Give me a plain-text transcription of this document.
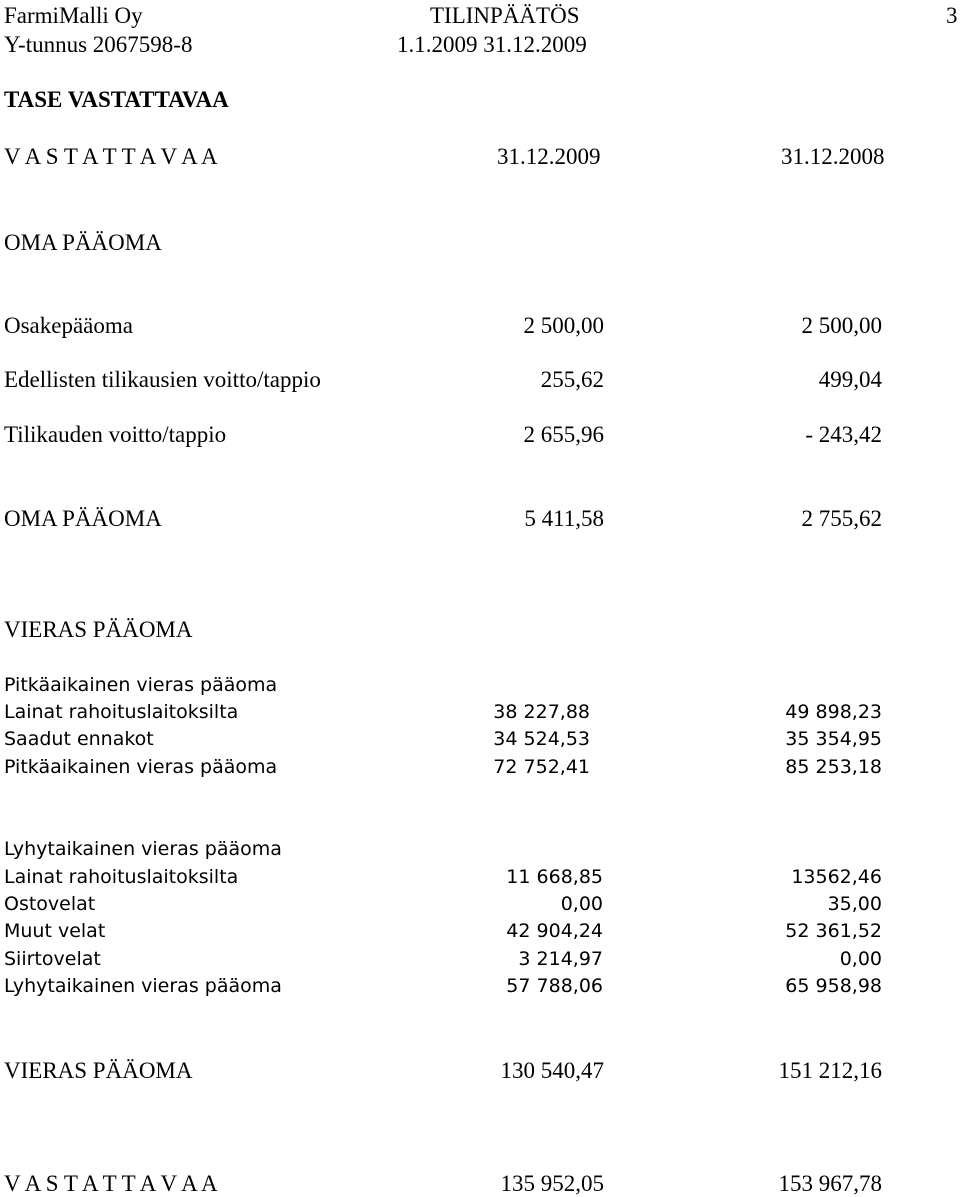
FarmiMalli Oy
Y-tunnus 2067598-8
TILINPÄÄTÖS
1.1.2009 31.12.2009
3
TASE VASTATTAVAA
V A S T A T T A V A A	31.12.2009	31.12.2008
OMA PÄÄOMA
Osakepääoma	2 500,00	2 500,00
Edellisten tilikausien voitto/tappio	255,62	499,04
Tilikauden voitto/tappio	2 655,96	- 243,42
OMA PÄÄOMA	5 411,58	2 755,62
VIERAS PÄÄOMA
Pitkäaikainen vieras pääoma
Lainat rahoituslaitoksilta	38 227,88	49 898,23
Saadut ennakot	34 524,53	35 354,95
Pitkäaikainen vieras pääoma	72 752,41	85 253,18
Lyhytaikainen vieras pääoma
Lainat rahoituslaitoksilta	11 668,85	13562,46
Ostovelat	0,00	35,00
Muut velat	42 904,24	52 361,52
Siirtovelat	3 214,97	0,00
Lyhytaikainen vieras pääoma	57 788,06	65 958,98
VIERAS PÄÄOMA	130 540,47	151 212,16
V A S T A T T A V A A	135 952,05	153 967,78
